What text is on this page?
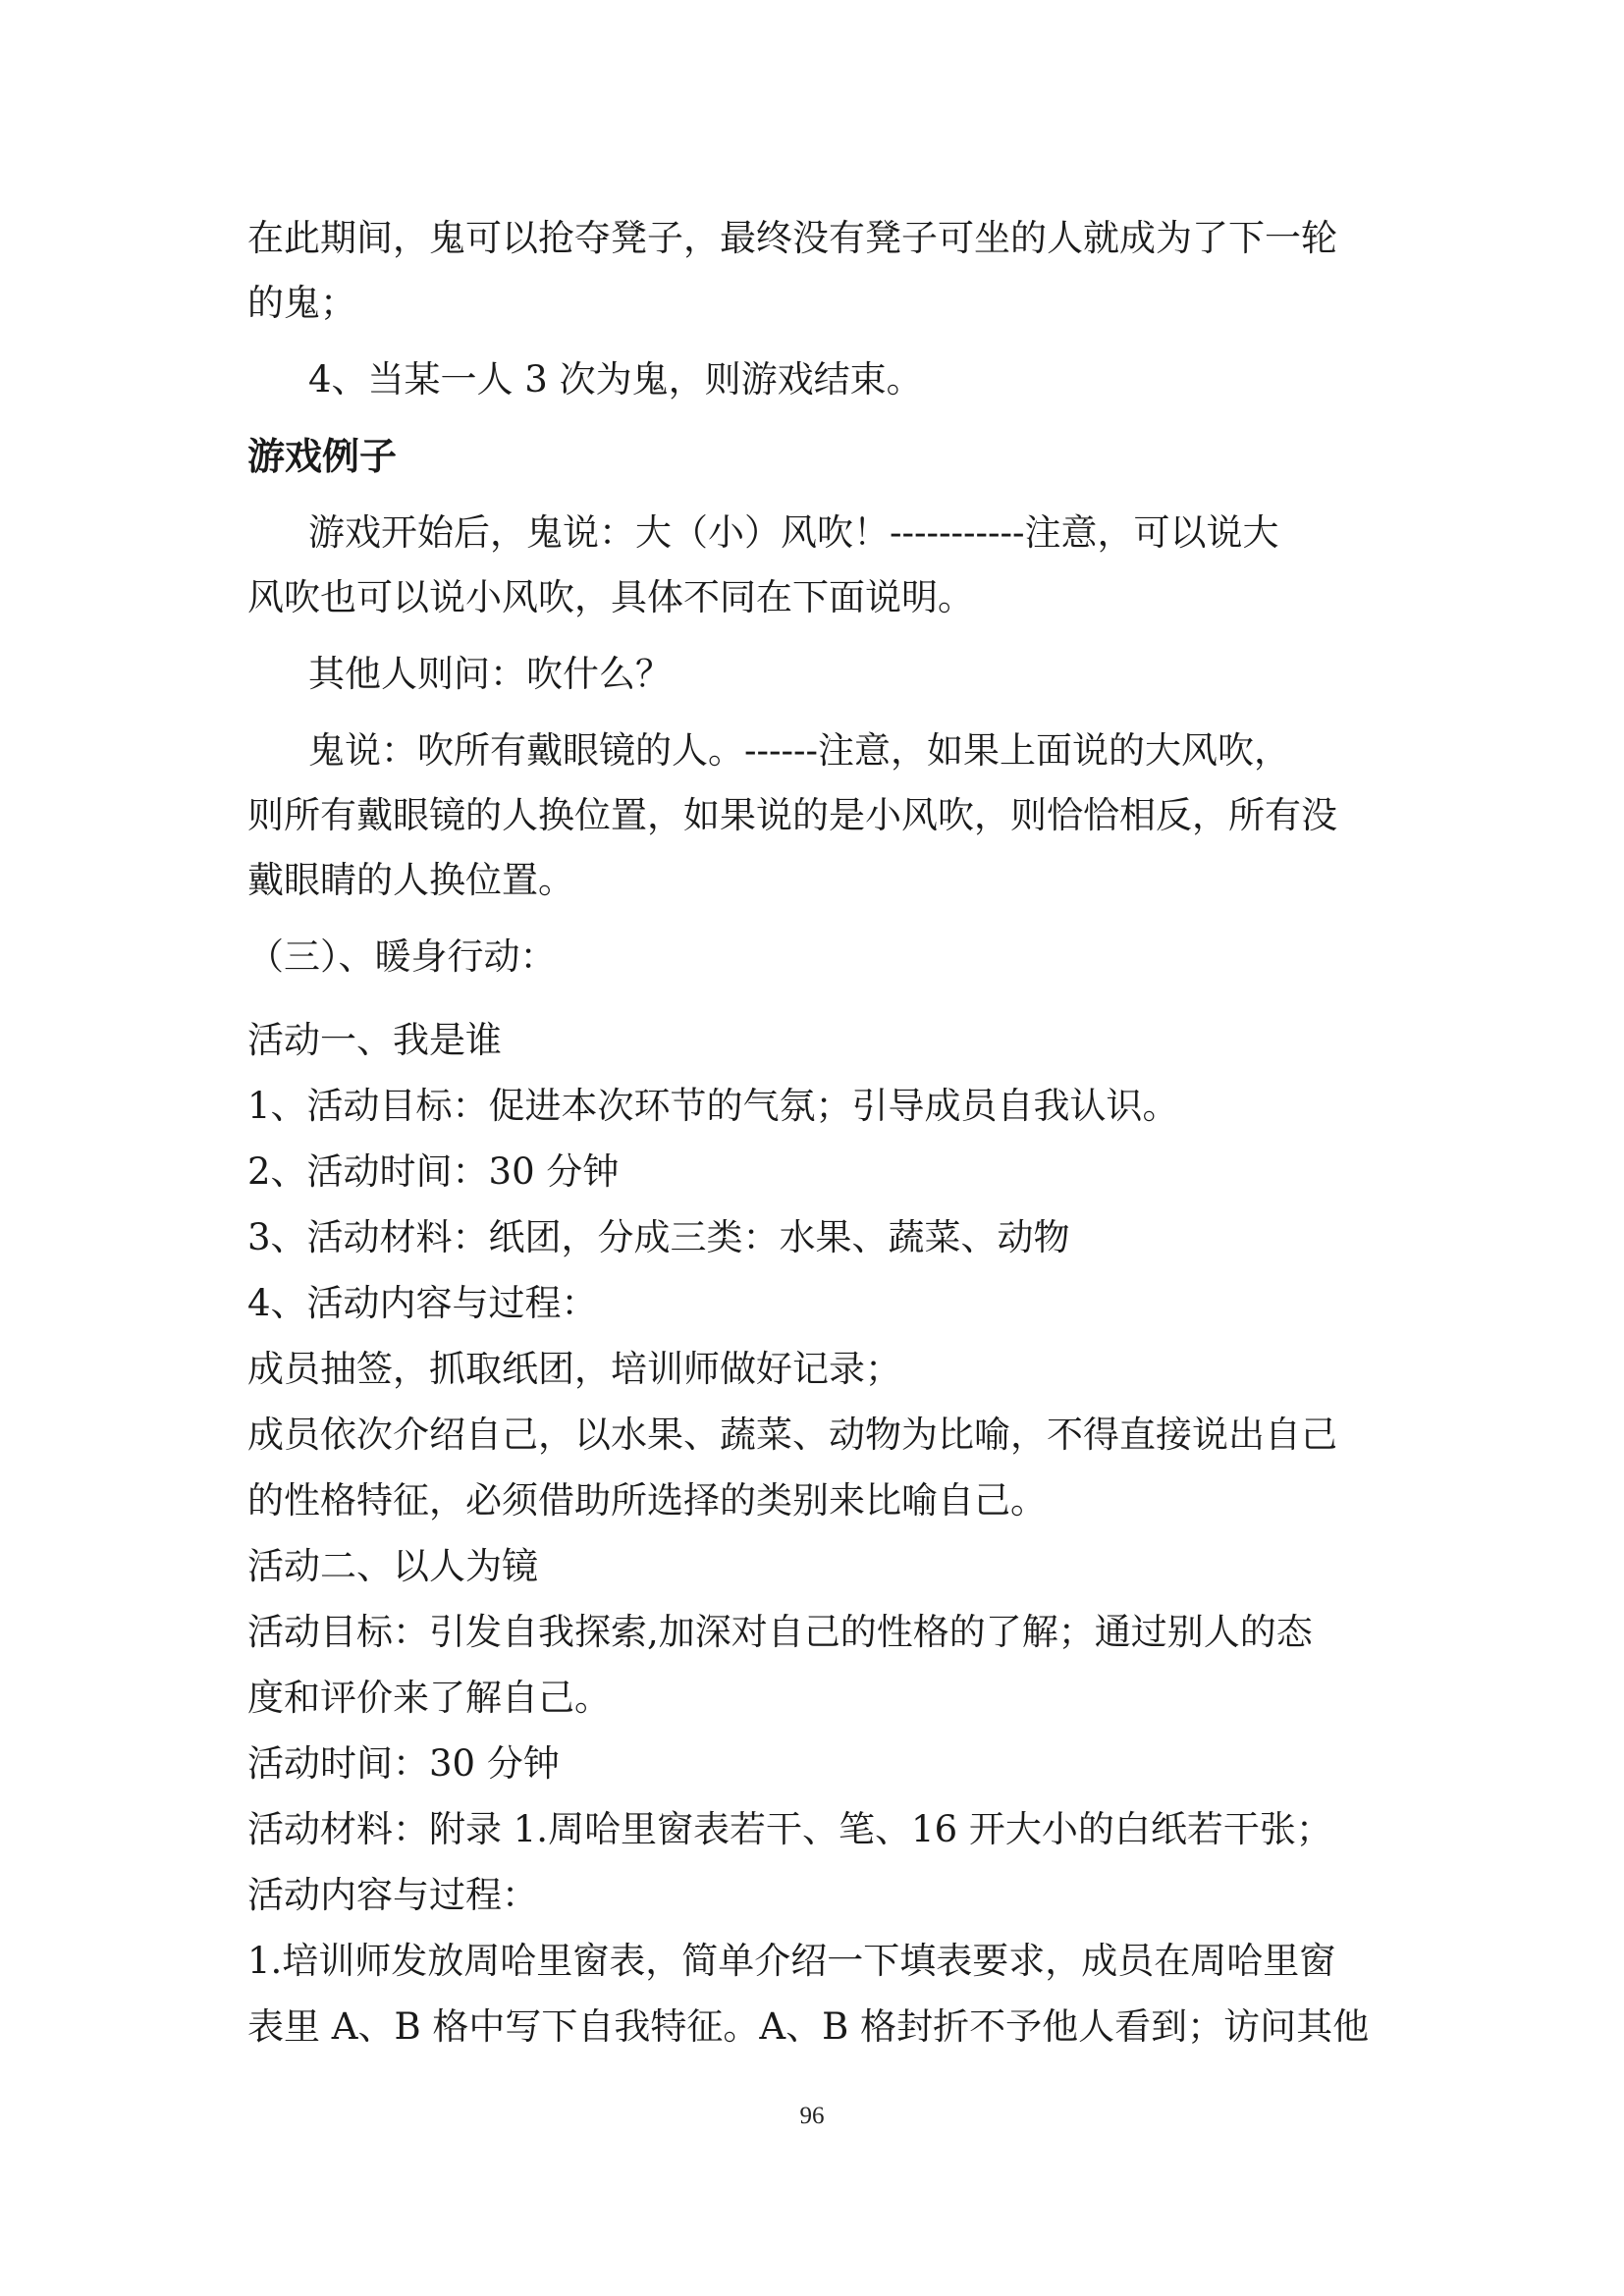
在此期间，鬼可以抢夺凳子，最终没有凳子可坐的人就成为了下一轮
的鬼；
4、当某一人 3 次为鬼，则游戏结束。
游戏例子
游戏开始后，鬼说：大（小）风吹！-----------注意，可以说大
风吹也可以说小风吹，具体不同在下面说明。
其他人则问：吹什么？
鬼说：吹所有戴眼镜的人。------注意，如果上面说的大风吹，
则所有戴眼镜的人换位置，如果说的是小风吹，则恰恰相反，所有没
戴眼睛的人换位置。
（三）、暖身行动：
活动一、我是谁
1、活动目标：促进本次环节的气氛；引导成员自我认识。
2、活动时间：30 分钟
3、活动材料：纸团，分成三类：水果、蔬菜、动物
4、活动内容与过程：
成员抽签，抓取纸团，培训师做好记录；
成员依次介绍自己，以水果、蔬菜、动物为比喻，不得直接说出自己
的性格特征，必须借助所选择的类别来比喻自己。
活动二、以人为镜
活动目标：引发自我探索,加深对自己的性格的了解；通过别人的态
度和评价来了解自己。
活动时间：30 分钟
活动材料：附录 1.周哈里窗表若干、笔、16 开大小的白纸若干张；
活动内容与过程：
1.培训师发放周哈里窗表，简单介绍一下填表要求，成员在周哈里窗
表里 A、B 格中写下自我特征。A、B 格封折不予他人看到；访问其他
96
